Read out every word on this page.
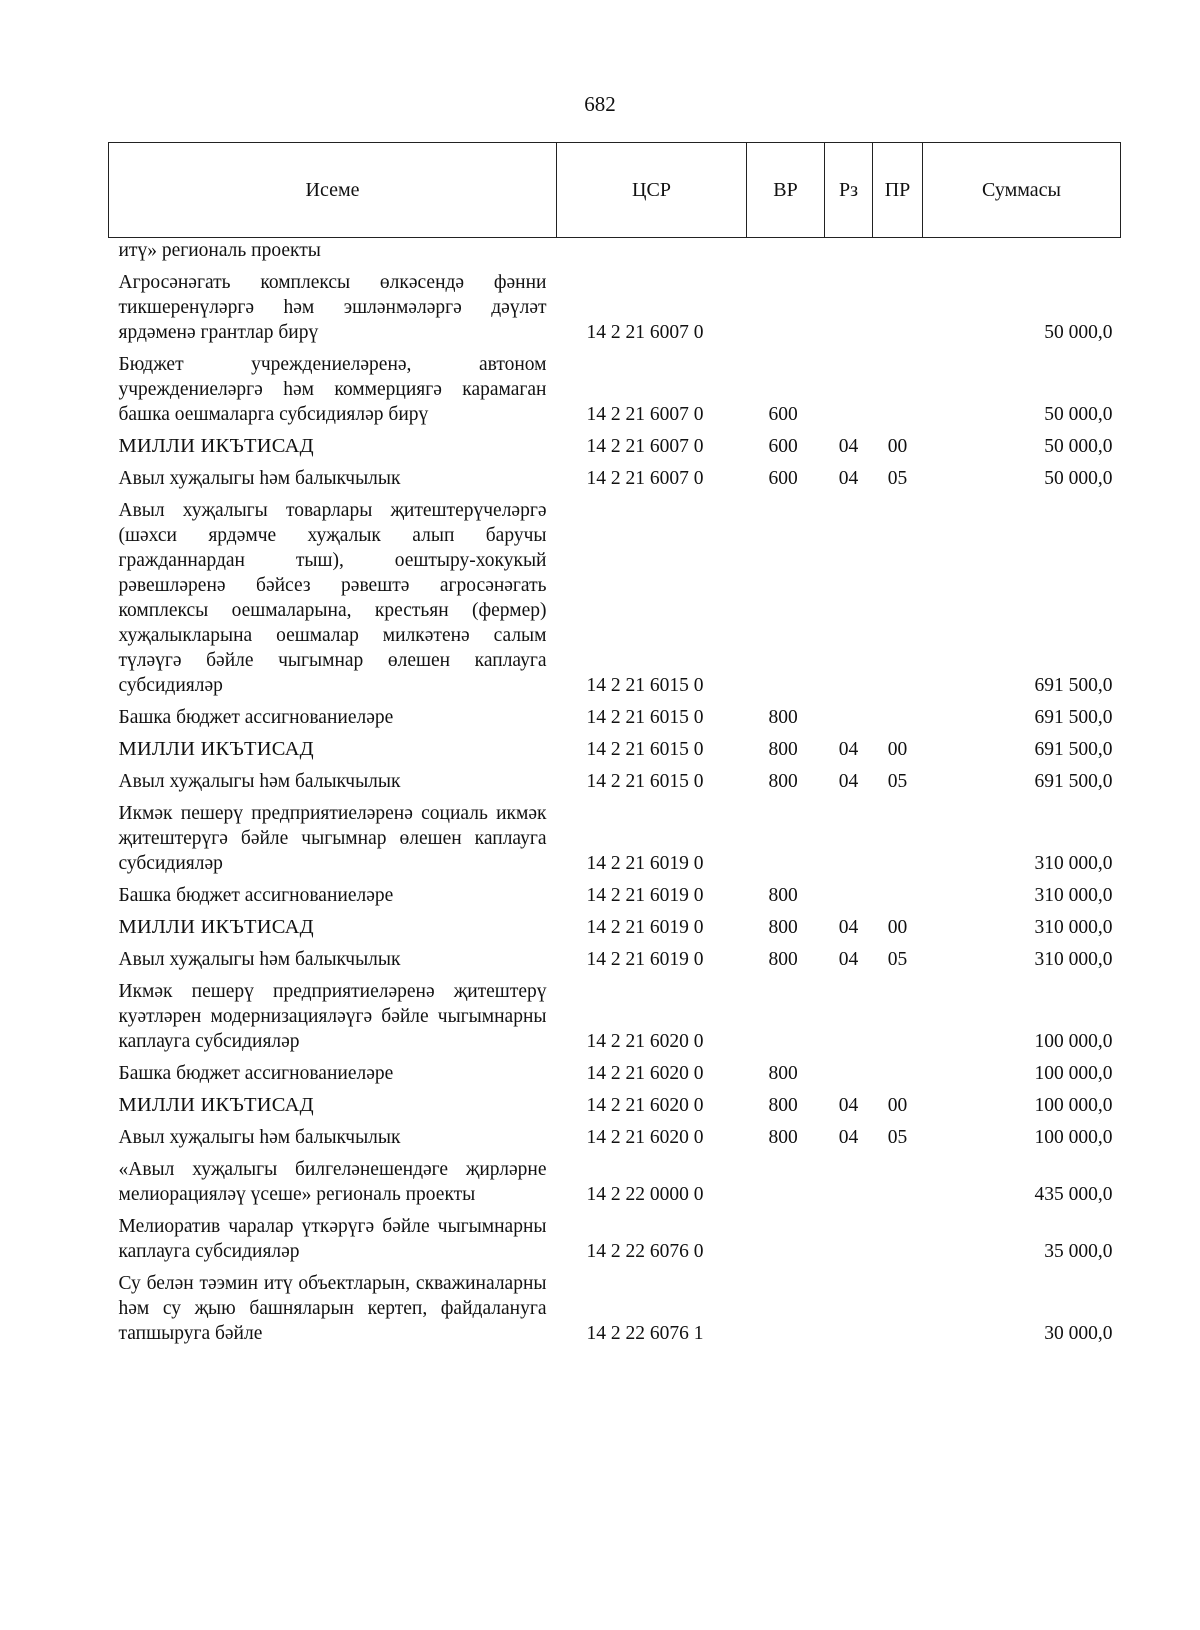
682
Исеме	ЦСР	ВР	Рз	ПР	Суммасы
итү» региональ проекты					
Агросәнәгать комплексы өлкәсендә фәнни тикшеренүләргә һәм эшләнмәләргә дәүләт ярдәменә грантлар бирү	14 2 21 6007 0				50 000,0
Бюджет учреждениеләренә, автоном учреждениеләргә һәм коммерциягә карамаган башка оешмаларга субсидияләр бирү	14 2 21 6007 0	600			50 000,0
МИЛЛИ ИКЪТИСАД	14 2 21 6007 0	600	04	00	50 000,0
Авыл хуҗалыгы һәм балыкчылык	14 2 21 6007 0	600	04	05	50 000,0
Авыл хуҗалыгы товарлары җитештерүчеләргә (шәхси ярдәмче хуҗалык алып баручы гражданнардан тыш), оештыру-хокукый рәвешләренә бәйсез рәвештә агросәнәгать комплексы оешмаларына, крестьян (фермер) хуҗалыкларына оешмалар милкәтенә салым түләүгә бәйле чыгымнар өлешен каплауга субсидияләр	14 2 21 6015 0				691 500,0
Башка бюджет ассигнованиеләре	14 2 21 6015 0	800			691 500,0
МИЛЛИ ИКЪТИСАД	14 2 21 6015 0	800	04	00	691 500,0
Авыл хуҗалыгы һәм балыкчылык	14 2 21 6015 0	800	04	05	691 500,0
Икмәк пешерү предприятиеләренә социаль икмәк җитештерүгә бәйле чыгымнар өлешен каплауга субсидияләр	14 2 21 6019 0				310 000,0
Башка бюджет ассигнованиеләре	14 2 21 6019 0	800			310 000,0
МИЛЛИ ИКЪТИСАД	14 2 21 6019 0	800	04	00	310 000,0
Авыл хуҗалыгы һәм балыкчылык	14 2 21 6019 0	800	04	05	310 000,0
Икмәк пешерү предприятиеләренә җитештерү куәтләрен модернизацияләүгә бәйле чыгымнарны каплауга субсидияләр	14 2 21 6020 0				100 000,0
Башка бюджет ассигнованиеләре	14 2 21 6020 0	800			100 000,0
МИЛЛИ ИКЪТИСАД	14 2 21 6020 0	800	04	00	100 000,0
Авыл хуҗалыгы һәм балыкчылык	14 2 21 6020 0	800	04	05	100 000,0
«Авыл хуҗалыгы билгеләнешендәге җирләрне мелиорацияләү үсеше» региональ проекты	14 2 22 0000 0				435 000,0
Мелиоратив чаралар үткәрүгә бәйле чыгымнарны каплауга субсидияләр	14 2 22 6076 0				35 000,0
Су белән тәэмин итү объектларын, скважиналарны һәм су җыю башняларын кертеп, файдалануга тапшыруга бәйле	14 2 22 6076 1				30 000,0
